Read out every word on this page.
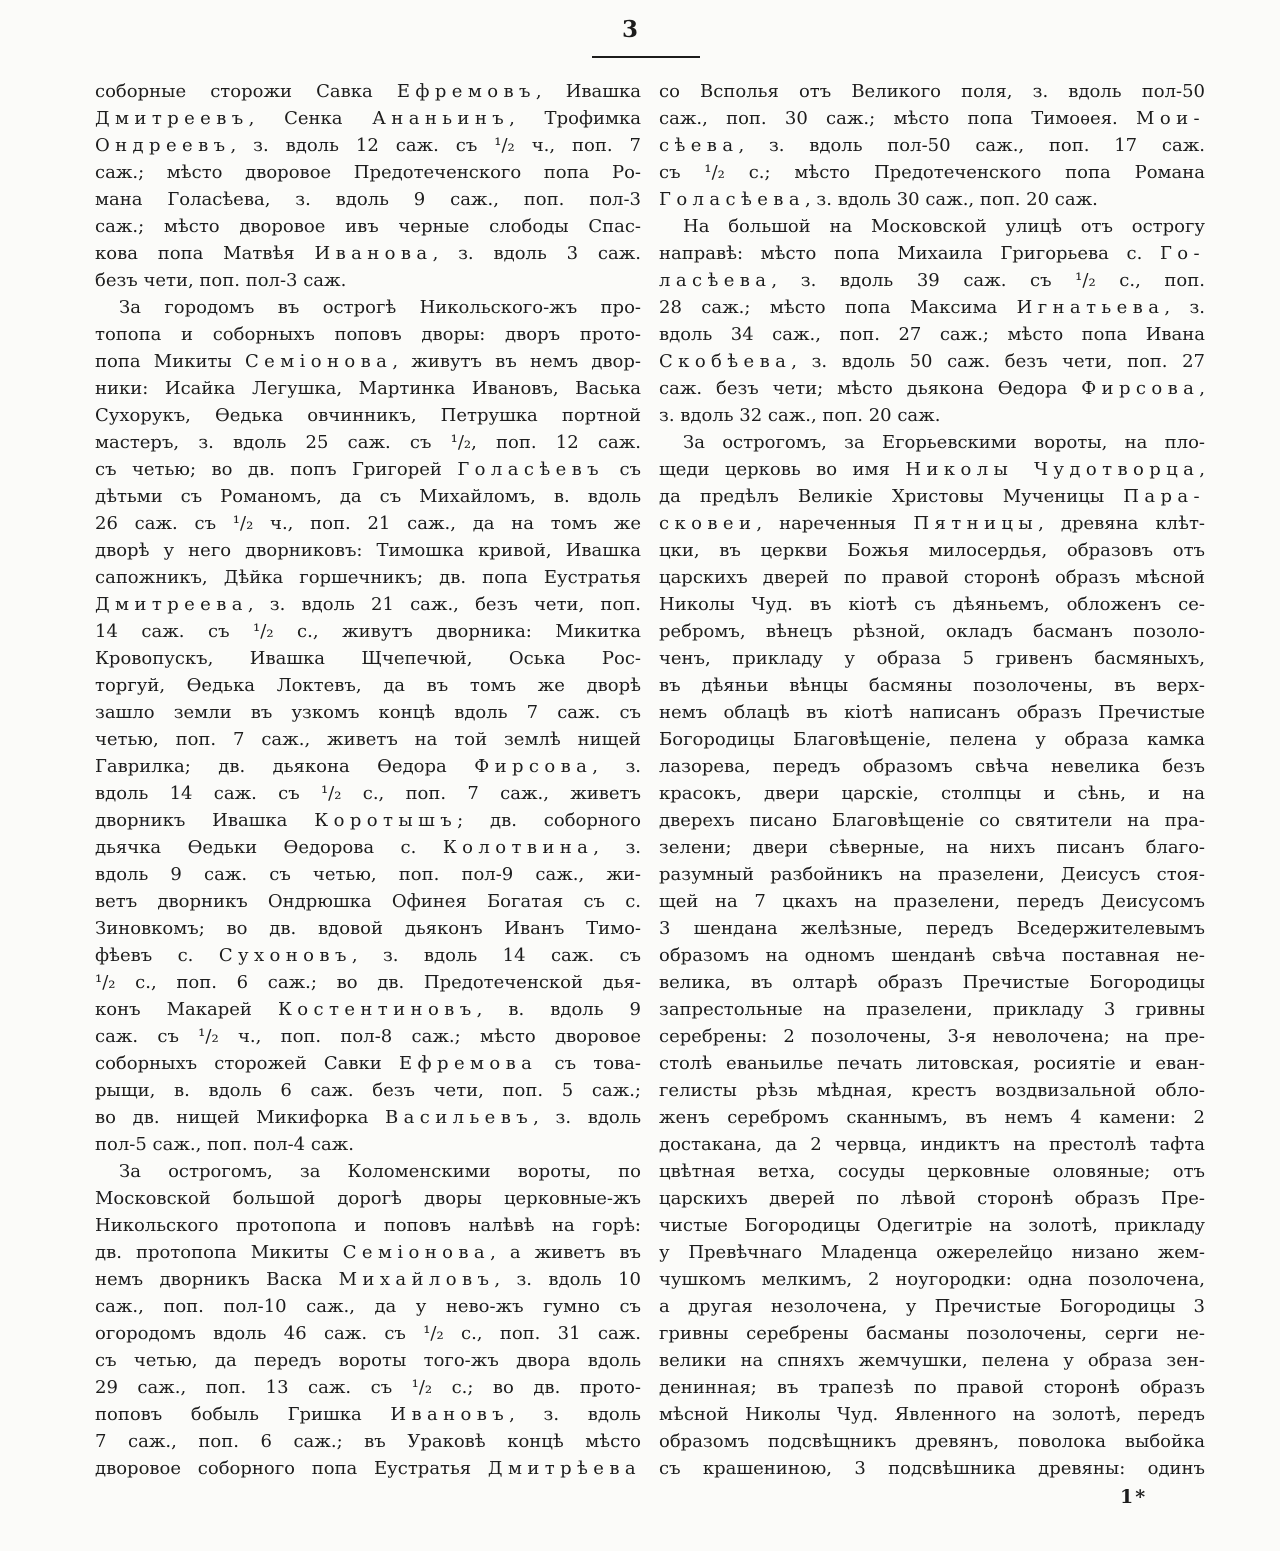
3
соборные сторожи Савка Ефремовъ, Ивашка
Дмитреевъ, Сенка Ананьинъ, Трофимка
Ондреевъ, з. вдоль 12 саж. съ ¹/₂ ч., поп. 7
саж.; мѣсто дворовое Предотеченского попа Ро-
мана Голасѣева, з. вдоль 9 саж., поп. пол-3
саж.; мѣсто дворовое ивъ черные слободы Спас-
кова попа Матвѣя Иванова, з. вдоль 3 саж.
безъ чети, поп. пол-3 саж.
За городомъ въ острогѣ Никольского-жъ про-
топопа и соборныхъ поповъ дворы: дворъ прото-
попа Микиты Семіонова, живутъ въ немъ двор-
ники: Исайка Легушка, Мартинка Ивановъ, Васька
Сухорукъ, Ѳедька овчинникъ, Петрушка портной
мастеръ, з. вдоль 25 саж. съ ¹/₂, поп. 12 саж.
съ четью; во дв. попъ Григорей Голасѣевъ съ
дѣтьми съ Романомъ, да съ Михайломъ, в. вдоль
26 саж. съ ¹/₂ ч., поп. 21 саж., да на томъ же
дворѣ у него дворниковъ: Тимошка кривой, Ивашка
сапожникъ, Дѣйка горшечникъ; дв. попа Еустратья
Дмитреева, з. вдоль 21 саж., безъ чети, поп.
14 саж. съ ¹/₂ с., живутъ дворника: Микитка
Кровопускъ, Ивашка Щчепечюй, Оська Рос-
торгуй, Ѳедька Локтевъ, да въ томъ же дворѣ
зашло земли въ узкомъ концѣ вдоль 7 саж. съ
четью, поп. 7 саж., живетъ на той землѣ нищей
Гаврилка; дв. дьякона Ѳедора Фирсова, з.
вдоль 14 саж. съ ¹/₂ с., поп. 7 саж., живетъ
дворникъ Ивашка Коротышъ; дв. соборного
дьячка Ѳедьки Ѳедорова с. Колотвина, з.
вдоль 9 саж. съ четью, поп. пол-9 саж., жи-
ветъ дворникъ Ондрюшка Офинея Богатая съ с.
Зиновкомъ; во дв. вдовой дьяконъ Иванъ Тимо-
фѣевъ с. Сухоновъ, з. вдоль 14 саж. съ
¹/₂ с., поп. 6 саж.; во дв. Предотеченской дья-
конъ Макарей Костентиновъ, в. вдоль 9
саж. съ ¹/₂ ч., поп. пол-8 саж.; мѣсто дворовое
соборныхъ сторожей Савки Ефремова съ това-
рыщи, в. вдоль 6 саж. безъ чети, поп. 5 саж.;
во дв. нищей Микифорка Васильевъ, з. вдоль
пол-5 саж., поп. пол-4 саж.
За острогомъ, за Коломенскими вороты, по
Московской большой дорогѣ дворы церковные-жъ
Никольского протопопа и поповъ налѣвѣ на горѣ:
дв. протопопа Микиты Семіонова, а живетъ въ
немъ дворникъ Васка Михайловъ, з. вдоль 10
саж., поп. пол-10 саж., да у нево-жъ гумно съ
огородомъ вдоль 46 саж. съ ¹/₂ с., поп. 31 саж.
съ четью, да передъ вороты того-жъ двора вдоль
29 саж., поп. 13 саж. съ ¹/₂ с.; во дв. прото-
поповъ бобыль Гришка Ивановъ, з. вдоль
7 саж., поп. 6 саж.; въ Ураковѣ концѣ мѣсто
дворовое соборного попа Еустратья Дмитрѣева
со Всполья отъ Великого поля, з. вдоль пол-50
саж., поп. 30 саж.; мѣсто попа Тимоѳея. Мои-
сѣева, з. вдоль пол-50 саж., поп. 17 саж.
съ ¹/₂ с.; мѣсто Предотеченского попа Романа
Голасѣева, з. вдоль 30 саж., поп. 20 саж.
На большой на Московской улицѣ отъ острогу
направѣ: мѣсто попа Михаила Григорьева с. Го-
ласѣева, з. вдоль 39 саж. съ ¹/₂ с., поп.
28 саж.; мѣсто попа Максима Игнатьева, з.
вдоль 34 саж., поп. 27 саж.; мѣсто попа Ивана
Скобѣева, з. вдоль 50 саж. безъ чети, поп. 27
саж. безъ чети; мѣсто дьякона Ѳедора Фирсова,
з. вдоль 32 саж., поп. 20 саж.
За острогомъ, за Егорьевскими вороты, на пло-
щеди церковь во имя Николы Чудотворца,
да предѣлъ Великіе Христовы Мученицы Пара-
сковеи, нареченныя Пятницы, древяна клѣт-
цки, въ церкви Божья милосердья, образовъ отъ
царскихъ дверей по правой сторонѣ образъ мѣсной
Николы Чуд. въ кіотѣ съ дѣяньемъ, обложенъ се-
ребромъ, вѣнецъ рѣзной, окладъ басманъ позоло-
ченъ, прикладу у образа 5 гривенъ басмяныхъ,
въ дѣяньи вѣнцы басмяны позолочены, въ верх-
немъ облацѣ въ кіотѣ написанъ образъ Пречистые
Богородицы Благовѣщеніе, пелена у образа камка
лазорева, передъ образомъ свѣча невелика безъ
красокъ, двери царскіе, столпцы и сѣнь, и на
дверехъ писано Благовѣщеніе со святители на пра-
зелени; двери сѣверные, на нихъ писанъ благо-
разумный разбойникъ на празелени, Деисусъ стоя-
щей на 7 цкахъ на празелени, передъ Деисусомъ
3 шендана желѣзные, передъ Вседержителевымъ
образомъ на одномъ шенданѣ свѣча поставная не-
велика, въ олтарѣ образъ Пречистые Богородицы
запрестольные на празелени, прикладу 3 гривны
серебрены: 2 позолочены, 3-я неволочена; на пре-
столѣ еваньилье печать литовская, росиятіе и еван-
гелисты рѣзь мѣдная, крестъ воздвизальной обло-
женъ серебромъ сканнымъ, въ немъ 4 камени: 2
достакана, да 2 червца, индиктъ на престолѣ тафта
цвѣтная ветха, сосуды церковные оловяные; отъ
царскихъ дверей по лѣвой сторонѣ образъ Пре-
чистые Богородицы Одегитріе на золотѣ, прикладу
у Превѣчнаго Младенца ожерелейцо низано жем-
чушкомъ мелкимъ, 2 ноугородки: одна позолочена,
а другая незолочена, у Пречистые Богородицы 3
гривны серебрены басманы позолочены, серги не-
велики на спняхъ жемчушки, пелена у образа зен-
денинная; въ трапезѣ по правой сторонѣ образъ
мѣсной Николы Чуд. Явленного на золотѣ, передъ
образомъ подсвѣщникъ древянъ, поволока выбойка
съ крашениною, 3 подсвѣшника древяны: одинъ
1*
